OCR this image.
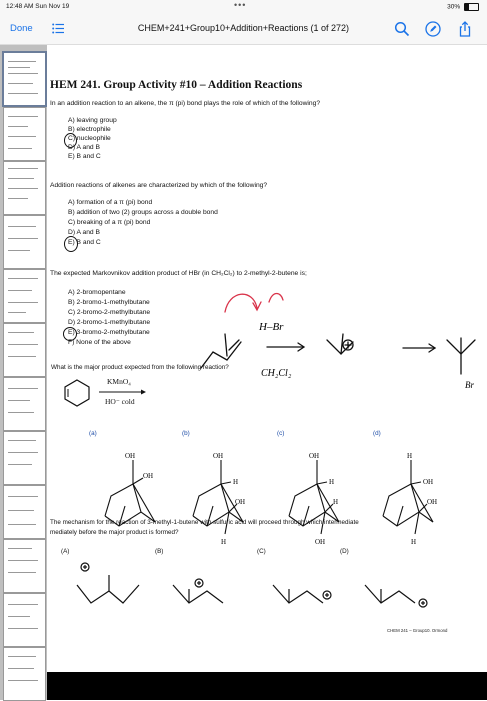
12:48 AM Sun Nov 19	•••	30%
Done	CHEM+241+Group10+Addition+Reactions (1 of 272)
HEM 241. Group Activity #10 – Addition Reactions
In an addition reaction to an alkene, the π (pi) bond plays the role of which of the following?
A) leaving group
B) electrophile
C) nucleophile
D) A and B
E) B and C
Addition reactions of alkenes are characterized by which of the following?
A) formation of a π (pi) bond
B) addition of two (2) groups across a double bond
C) breaking of a π (pi) bond
D) A and B
E) B and C
The expected Markovnikov addition product of HBr (in CH₂Cl₂) to 2-methyl-2-butene is;
A) 2-bromopentane
B) 2-bromo-1-methylbutane
C) 2-bromo-2-methylbutane
D) 2-bromo-1-methylbutane
E) 3-bromo-2-methylbutane
F) None of the above
H–Br
CH₂Cl₂
Br
What is the major product expected from the following reaction?
KMnO₄
HO⁻ cold
(a)	(b)	(c)	(d)
OH
OH
OH
H
OH
H
OH
H
H
OH
H
OH
OH
H
The mechanism for the reaction of 3-methyl-1-butene with sulfuric acid will proceed through which intermediate
mediately before the major product is formed?
(A)	(B)	(C)	(D)
CHEM 241 – Group10. Ormond
